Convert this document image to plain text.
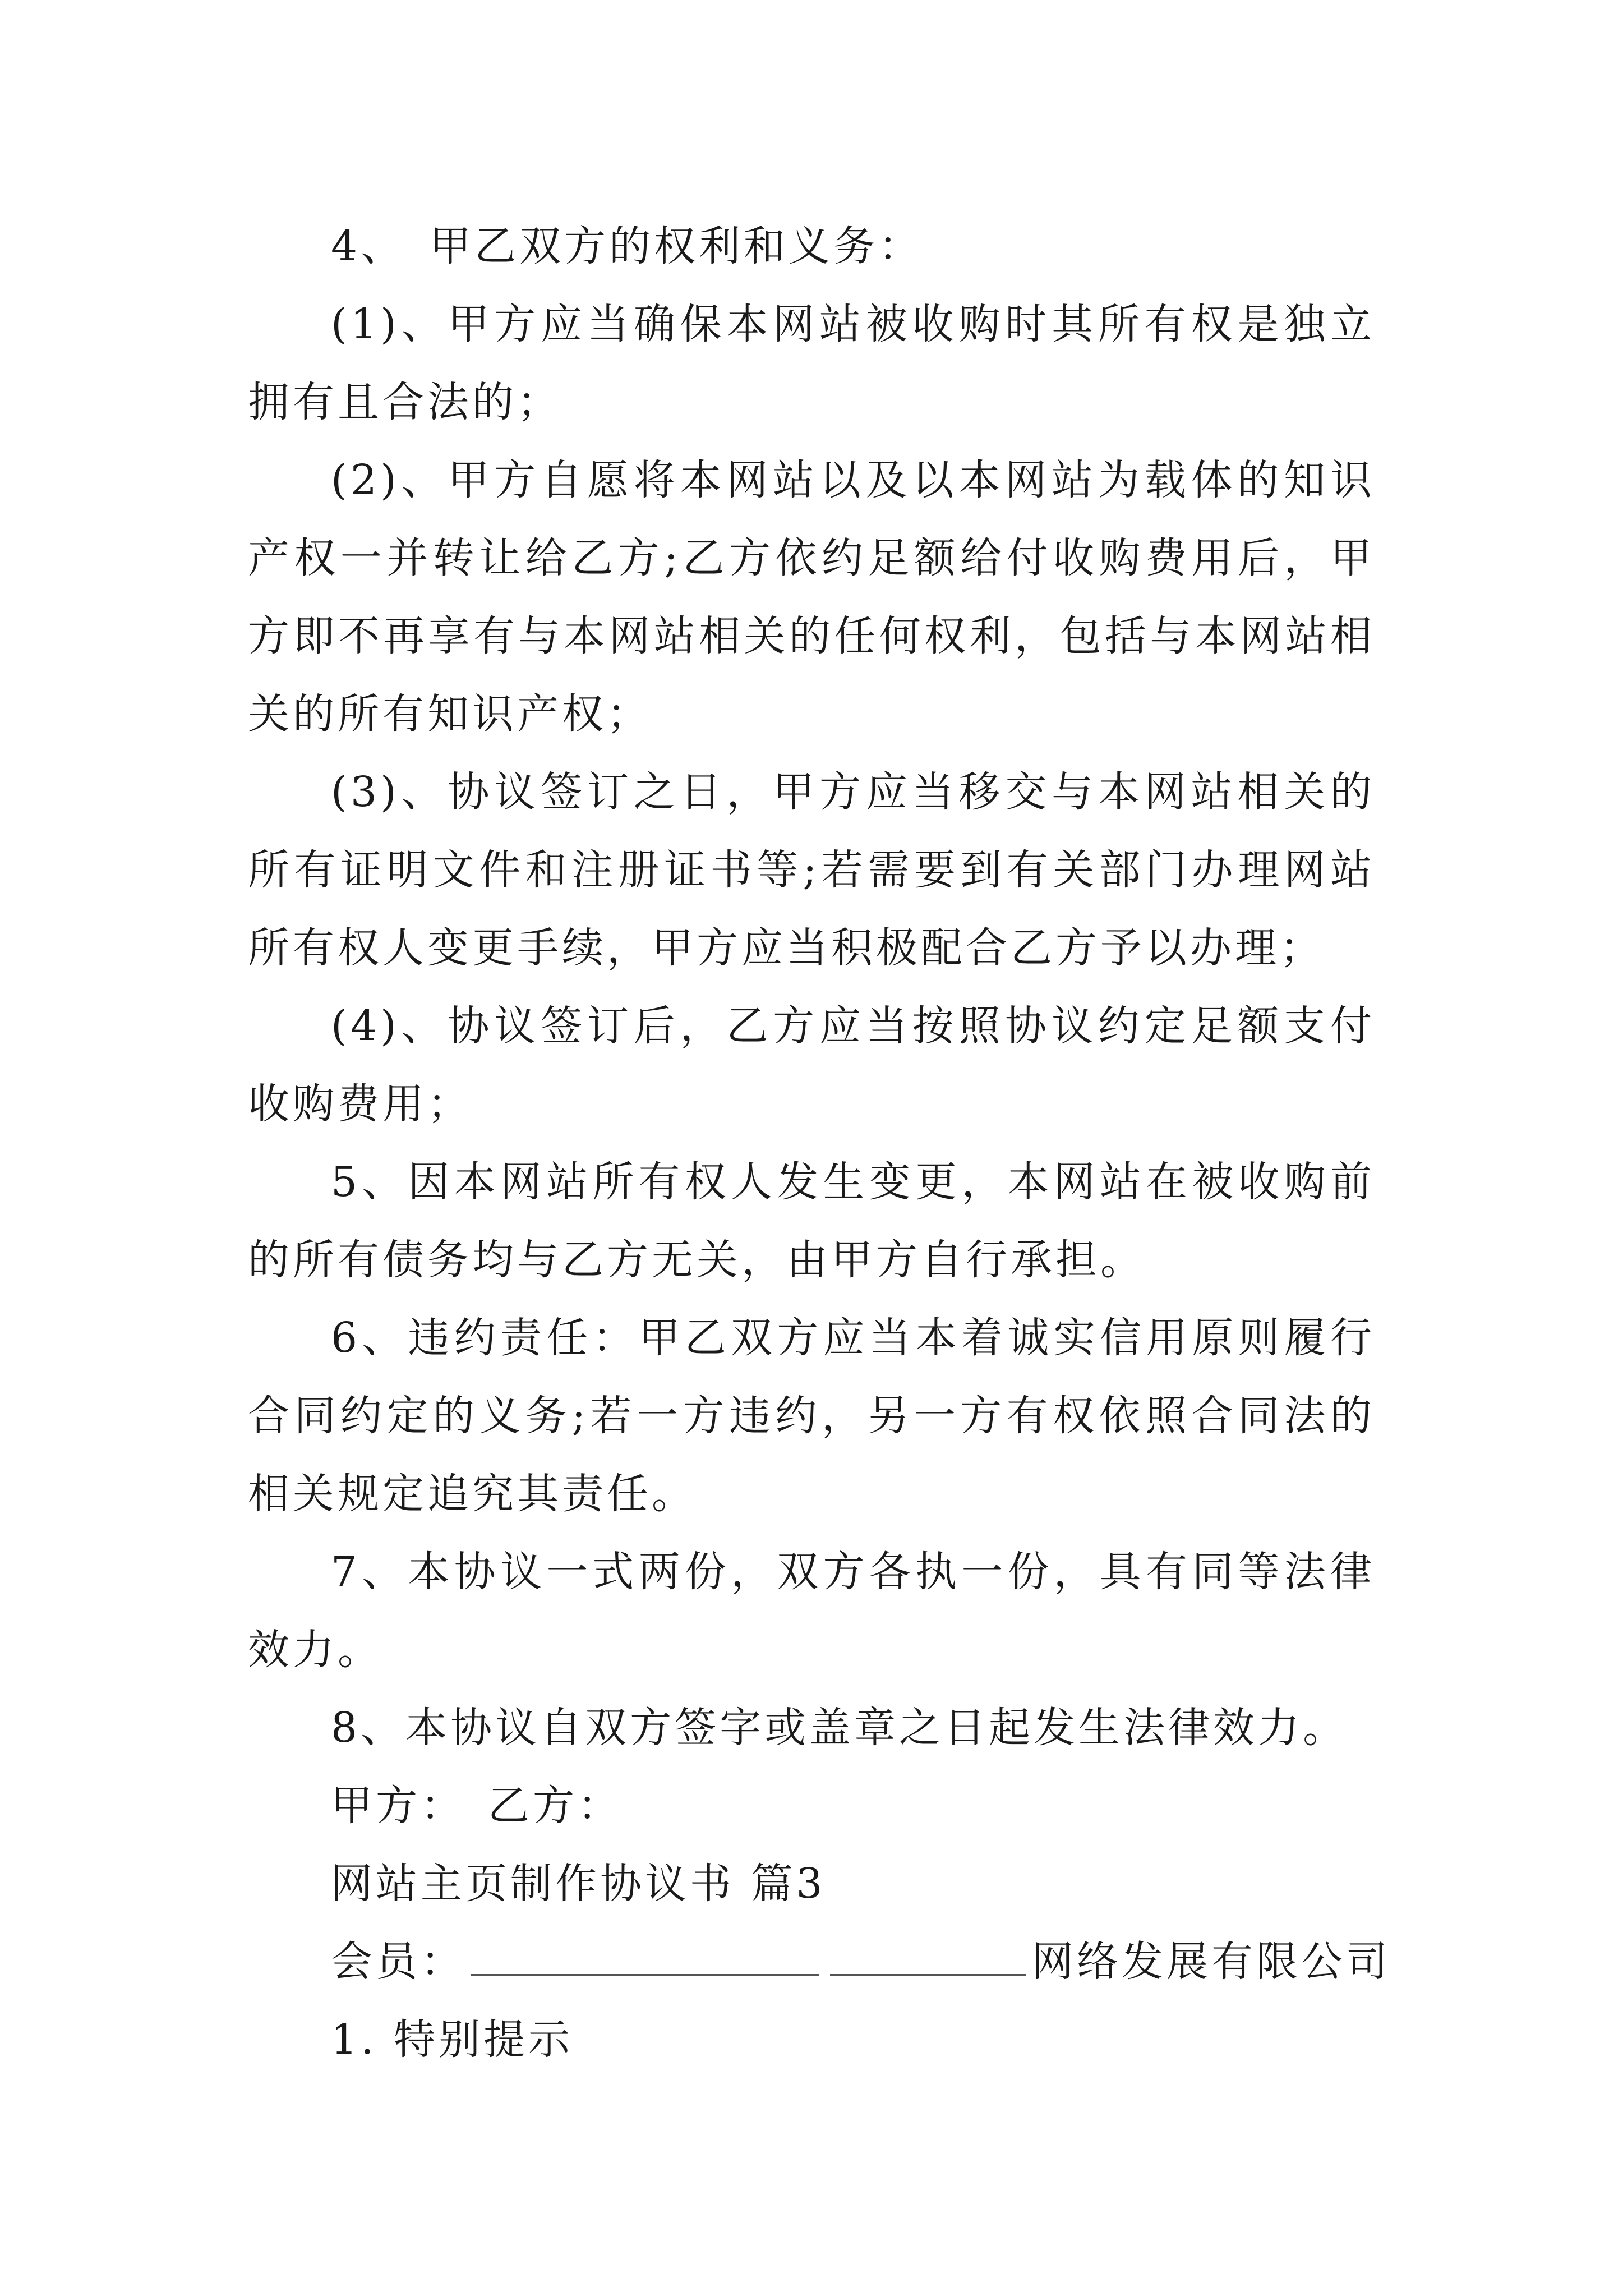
4、　甲乙双方的权利和义务：

(1)、甲方应当确保本网站被收购时其所有权是独立拥有且合法的；

(2)、甲方自愿将本网站以及以本网站为载体的知识产权一并转让给乙方;乙方依约足额给付收购费用后，甲方即不再享有与本网站相关的任何权利，包括与本网站相关的所有知识产权；

(3)、协议签订之日，甲方应当移交与本网站相关的所有证明文件和注册证书等;若需要到有关部门办理网站所有权人变更手续，甲方应当积极配合乙方予以办理；

(4)、协议签订后，乙方应当按照协议约定足额支付收购费用；

5、因本网站所有权人发生变更，本网站在被收购前的所有债务均与乙方无关，由甲方自行承担。

6、违约责任：甲乙双方应当本着诚实信用原则履行合同约定的义务;若一方违约，另一方有权依照合同法的相关规定追究其责任。

7、本协议一式两份，双方各执一份，具有同等法律效力。

8、本协议自双方签字或盖章之日起发生法律效力。

甲方： 乙方：

网站主页制作协议书 篇3

会员：	网络发展有限公司

1. 特别提示
